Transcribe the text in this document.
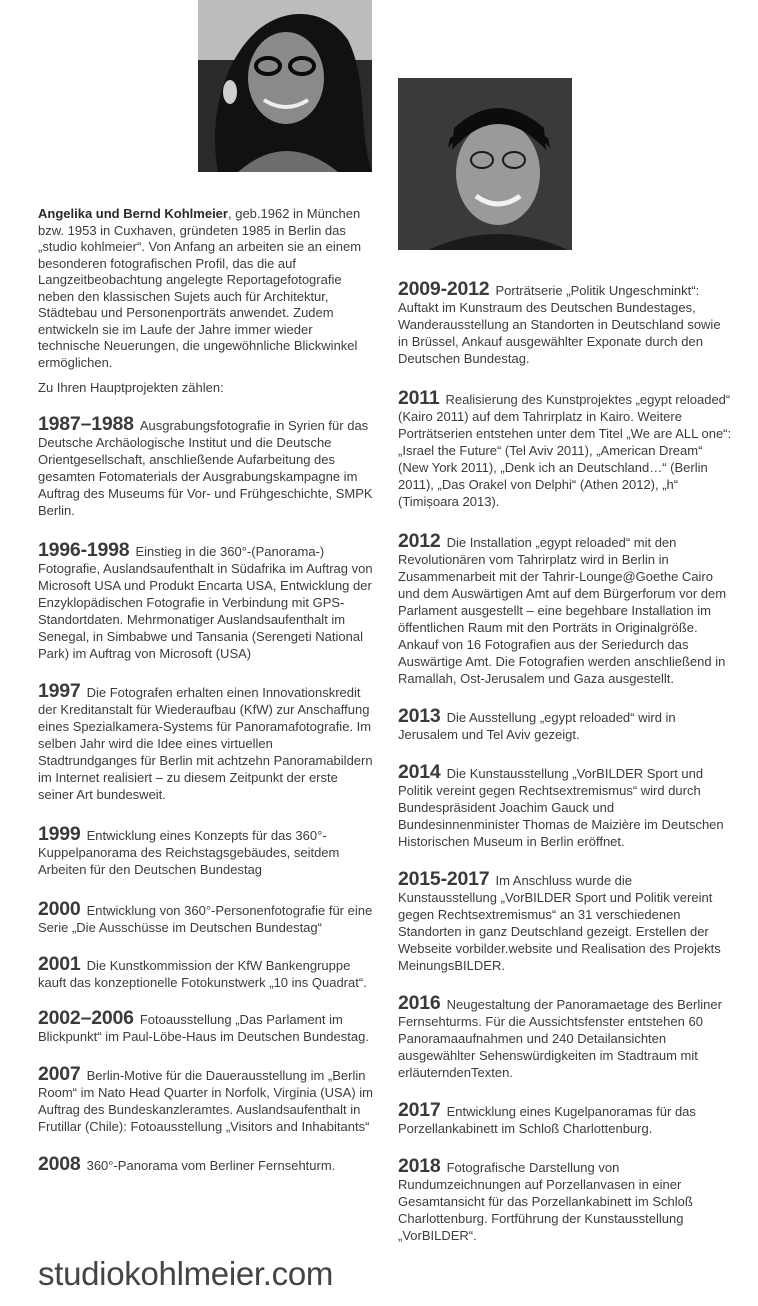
Angelika und Bernd Kohlmeier, geb.1962 in München bzw. 1953 in Cuxhaven, gründeten 1985 in Berlin das „studio kohlmeier“. Von Anfang an arbeiten sie an einem besonderen fotografischen Profil, das die auf Langzeitbeobachtung angelegte Reportagefotografie neben den klassischen Sujets auch für Architektur, Städtebau und Personenporträts anwendet. Zudem entwickeln sie im Laufe der Jahre immer wieder technische Neuerungen, die ungewöhnliche Blickwinkel ermöglichen.

Zu Ihren Hauptprojekten zählen:

1987–1988 Ausgrabungsfotografie in Syrien für das Deutsche Archäologische Institut und die Deutsche Orientgesellschaft, anschließende Aufarbeitung des gesamten Fotomaterials der Ausgrabungskampagne im Auftrag des Museums für Vor- und Frühgeschichte, SMPK Berlin.

1996-1998 Einstieg in die 360°-(Panorama-) Fotografie, Auslandsaufenthalt in Südafrika im Auftrag von Microsoft USA und Produkt Encarta USA, Entwicklung der Enzyklopädischen Fotografie in Verbindung mit GPS-Standortdaten. Mehrmonatiger Auslandsaufenthalt im Senegal, in Simbabwe und Tansania (Serengeti National Park) im Auftrag von Microsoft (USA)

1997 Die Fotografen erhalten einen Innovationskredit der Kreditanstalt für Wiederaufbau (KfW) zur Anschaffung eines Spezialkamera-Systems für Panoramafotografie. Im selben Jahr wird die Idee eines virtuellen Stadtrundganges für Berlin mit achtzehn Panoramabildern im Internet realisiert – zu diesem Zeitpunkt der erste seiner Art bundesweit.

1999 Entwicklung eines Konzepts für das 360°-Kuppelpanorama des Reichstagsgebäudes, seitdem Arbeiten für den Deutschen Bundestag

2000 Entwicklung von 360°-Personenfotografie für eine Serie „Die Ausschüsse im Deutschen Bundestag“

2001 Die Kunstkommission der KfW Bankengruppe kauft das konzeptionelle Fotokunstwerk „10 ins Quadrat“.

2002–2006 Fotoausstellung „Das Parlament im Blickpunkt“ im Paul-Löbe-Haus im Deutschen Bundestag.

2007 Berlin-Motive für die Dauerausstellung im „Berlin Room“ im Nato Head Quarter in Norfolk, Virginia (USA) im Auftrag des Bundeskanzleramtes. Auslandsaufenthalt in Frutillar (Chile): Fotoausstellung „Visitors and Inhabitants“

2008 360°-Panorama vom Berliner Fernsehturm.

2009-2012 Porträtserie „Politik Ungeschminkt“: Auftakt im Kunstraum des Deutschen Bundestages, Wanderausstellung an Standorten in Deutschland sowie in Brüssel, Ankauf ausgewählter Exponate durch den Deutschen Bundestag.

2011 Realisierung des Kunstprojektes „egypt reloaded“ (Kairo 2011) auf dem Tahrirplatz in Kairo. Weitere Porträtserien entstehen unter dem Titel „We are ALL one“: „Israel the Future“ (Tel Aviv 2011), „American Dream“ (New York 2011), „Denk ich an Deutschland…“ (Berlin 2011), „Das Orakel von Delphi“ (Athen 2012), „h“ (Timișoara 2013).

2012 Die Installation „egypt reloaded“ mit den Revolutionären vom Tahrirplatz wird in Berlin in Zusammenarbeit mit der Tahrir-Lounge@Goethe Cairo und dem Auswärtigen Amt auf dem Bürgerforum vor dem Parlament ausgestellt – eine begehbare Installation im öffentlichen Raum mit den Porträts in Originalgröße. Ankauf von 16 Fotografien aus der Seriedurch das Auswärtige Amt. Die Fotografien werden anschließend in Ramallah, Ost-Jerusalem und Gaza ausgestellt.

2013 Die Ausstellung „egypt reloaded“ wird in Jerusalem und Tel Aviv gezeigt.

2014 Die Kunstausstellung „VorBILDER Sport und Politik vereint gegen Rechtsextremismus“ wird durch Bundespräsident Joachim Gauck und Bundesinnenminister Thomas de Maizière im Deutschen Historischen Museum in Berlin eröffnet.

2015-2017 Im Anschluss wurde die Kunstausstellung „VorBILDER Sport und Politik vereint gegen Rechtsextremismus“ an 31 verschiedenen Standorten in ganz Deutschland gezeigt. Erstellen der Webseite vorbilder.website und Realisation des Projekts MeinungsBILDER.

2016 Neugestaltung der Panoramaetage des Berliner Fernsehturms. Für die Aussichtsfenster entstehen 60 Panoramaaufnahmen und 240 Detailansichten ausgewählter Sehenswürdigkeiten im Stadtraum mit erläuterndenTexten.

2017 Entwicklung eines Kugelpanoramas für das Porzellankabinett im Schloß Charlottenburg.

2018 Fotografische Darstellung von Rundumzeichnungen auf Porzellanvasen in einer Gesamtansicht für das Porzellankabinett im Schloß Charlottenburg. Fortführung der Kunstausstellung „VorBILDER“.

studiokohlmeier.com
